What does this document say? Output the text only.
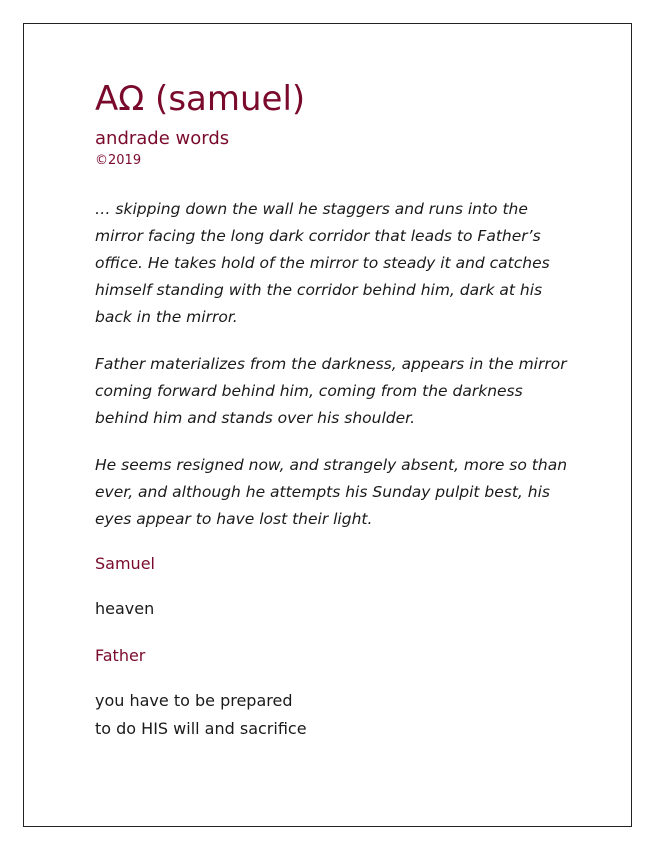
AΩ (samuel)
andrade words
©2019

… skipping down the wall he staggers and runs into the mirror facing the long dark corridor that leads to Father’s office. He takes hold of the mirror to steady it and catches himself standing with the corridor behind him, dark at his back in the mirror.

Father materializes from the darkness, appears in the mirror coming forward behind him, coming from the darkness behind him and stands over his shoulder.

He seems resigned now, and strangely absent, more so than ever, and although he attempts his Sunday pulpit best, his eyes appear to have lost their light.

Samuel
heaven
Father
you have to be prepared
to do HIS will and sacrifice
